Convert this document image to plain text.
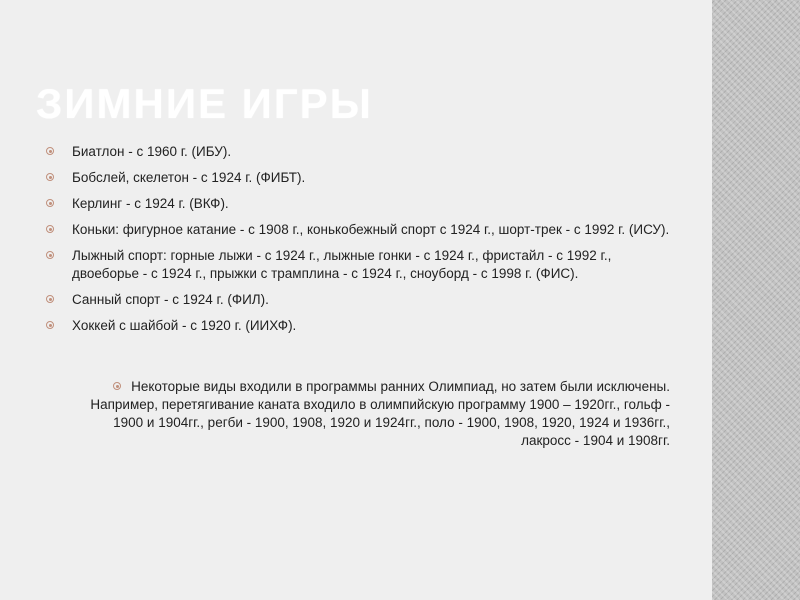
ЗИМНИЕ ИГРЫ
Биатлон - с 1960 г. (ИБУ).
Бобслей, скелетон - с 1924 г. (ФИБТ).
Керлинг - с 1924 г. (ВКФ).
Коньки: фигурное катание - с 1908 г., конькобежный спорт с 1924 г., шорт-трек - с 1992 г. (ИСУ).
Лыжный спорт: горные лыжи - с 1924 г., лыжные гонки - с 1924 г., фристайл - с 1992 г., двоеборье - с 1924 г., прыжки с трамплина - с 1924 г., сноуборд - с 1998 г. (ФИС).
Санный спорт - с 1924 г. (ФИЛ).
Хоккей с шайбой - с 1920 г. (ИИХФ).
Некоторые виды входили в программы ранних Олимпиад, но затем были исключены. Например, перетягивание каната входило в олимпийскую программу 1900 – 1920гг., гольф - 1900 и 1904гг., регби - 1900, 1908, 1920 и 1924гг., поло - 1900, 1908, 1920, 1924 и 1936гг., лакросс - 1904 и 1908гг.
